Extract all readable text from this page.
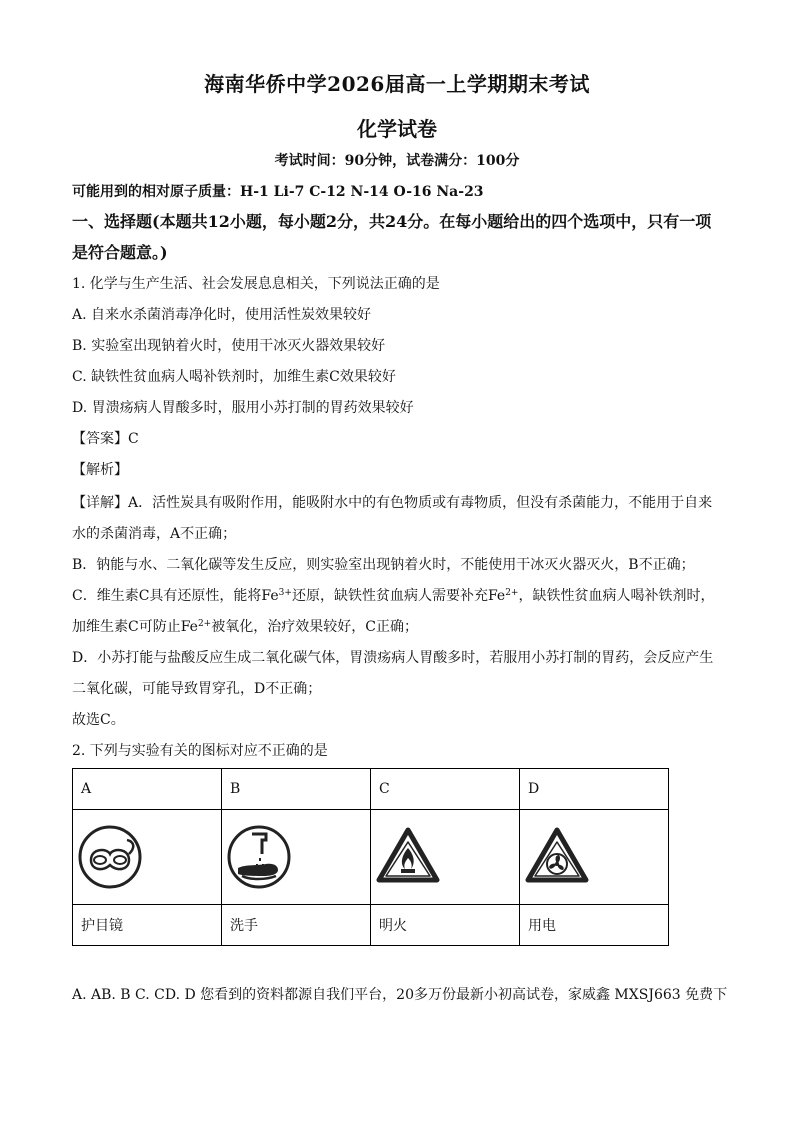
海南华侨中学2026届高一上学期期末考试
化学试卷
考试时间：90分钟，试卷满分：100分
可能用到的相对原子质量：H-1 Li-7 C-12 N-14 O-16 Na-23
一、选择题(本题共12小题，每小题2分，共24分。在每小题给出的四个选项中，只有一项
是符合题意。)
1. 化学与生产生活、社会发展息息相关，下列说法正确的是
A. 自来水杀菌消毒净化时，使用活性炭效果较好
B. 实验室出现钠着火时，使用干冰灭火器效果较好
C. 缺铁性贫血病人喝补铁剂时，加维生素C效果较好
D. 胃溃疡病人胃酸多时，服用小苏打制的胃药效果较好
【答案】C
【解析】
【详解】A．活性炭具有吸附作用，能吸附水中的有色物质或有毒物质，但没有杀菌能力，不能用于自来
水的杀菌消毒，A不正确；
B．钠能与水、二氧化碳等发生反应，则实验室出现钠着火时，不能使用干冰灭火器灭火，B不正确；
C．维生素C具有还原性，能将$Fe^{3+}$还原，缺铁性贫血病人需要补充$Fe^{2+}$，缺铁性贫血病人喝补铁剂时，
加维生素C可防止$Fe^{2+}$被氧化，治疗效果较好，C正确；
D．小苏打能与盐酸反应生成二氧化碳气体，胃溃疡病人胃酸多时，若服用小苏打制的胃药，会反应产生
二氧化碳，可能导致胃穿孔，D不正确；
故选C。
2. 下列与实验有关的图标对应不正确的是
A	B	C	D

护目镜	洗手	明火	用电
A. AB. B C. CD. D 您看到的资料都源自我们平台，20多万份最新小初高试卷，家威鑫 MXSJ663 免费下
